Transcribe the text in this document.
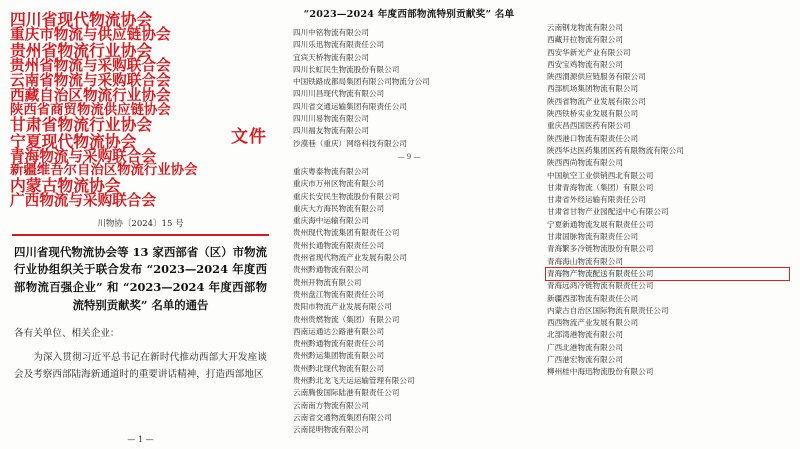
四川省现代物流协会
重庆市物流与供应链协会
贵州省物流行业协会
贵州省物流与采购联合会
云南省物流与采购联合会
西藏自治区物流行业协会
陕西省商贸物流供应链协会
甘肃省物流行业协会
宁夏现代物流协会
青海物流与采购联合会
新疆维吾尔自治区物流行业协会
内蒙古物流协会
广西物流与采购联合会
文件
川物协〔2024〕15 号
四川省现代物流协会等 13 家西部省（区）市物流行业协组织关于联合发布 “2023—2024 年度西部物流百强企业” 和 “2023—2024 年度西部物流特别贡献奖” 名单的通告

各有关单位、相关企业：

为深入贯彻习近平总书记在新时代推动西部大开发座谈会及考察西部陆海新通道时的重要讲话精神，打造西部地区

— 1 —
“2023—2024 年度西部物流特别贡献奖” 名单
四川中铭物流有限公司
四川乐迅物流有限责任公司
宜宾天桥物流有限公司
四川长虹民生物流股份有限公司
中国铁路成都局集团有限公司物流分公司
四川川昌现代物流有限公司
四川省交通运输集团有限责任公司
四川川易物流有限公司
四川福友物流有限公司
沙漠巷（重庆）网络科技有限公司
— 9 —
重庆粤泰物流有限公司
重庆市万州区物流有限公司
重庆长安民生物流股份有限公司
重庆大方海民物流有限公司
重庆海中运输有限公司
贵州现代物流集团有限责任公司
贵州长通物流有限责任公司
贵州省现代物流产业发展有限公司
贵州黔通物流有限公司
贵州开物流有限公司
贵州盘江物流有限责任公司
贵阳市物流产业发展有限公司
贵州贵燃物流（集团）有限公司
西南运通达公路港有限公司
贵州黔通物流有限责任公司
贵州黔运集团物流有限公司
贵州黔北现代物流有限公司
贵州黔北龙飞天运运输管理有限公司
云南腾俊国际陆港有限责任公司
云南南方物流有限公司
云南省交通物流集团有限公司
云南昆明物流有限公司
云南钢龙物流有限公司
西藏开拉物流有限公司
西安华新光产业有限公司
西安宝鸡物流有限公司
陕西渭源供应链服务有限公司
西部机场集团物流有限公司
陕西省物流产业发展有限公司
陕西铁桥实业发展有限公司
重庆昌西国医药有限公司
陕西港口物流有限责任公司
陕西华达医药集团医药有限物流有限公司
陕西西尚物流有限公司
中国航空工业供销西北有限公司
甘肃青海物流（集团）有限公司
甘肃省外经运输有限责任公司
甘肃省甘物产业园配送中心有限公司
宁夏新通物流发展有限责任公司
甘肃国脉物流有限责任公司
青海繁多冷链物流股份有限公司
青海海山物流有限公司
青海物产物流配送有限责任公司
青海远鸿冷链物流有限责任公司
新疆西部物流有限责任公司
内蒙古自治区国际物流有限责任公司
西西物流产业发展有限公司
北部湾港物流有限公司
广西北港物流有限公司
广西港宏物流有限公司
柳州桂中海迅物流股份有限公司
